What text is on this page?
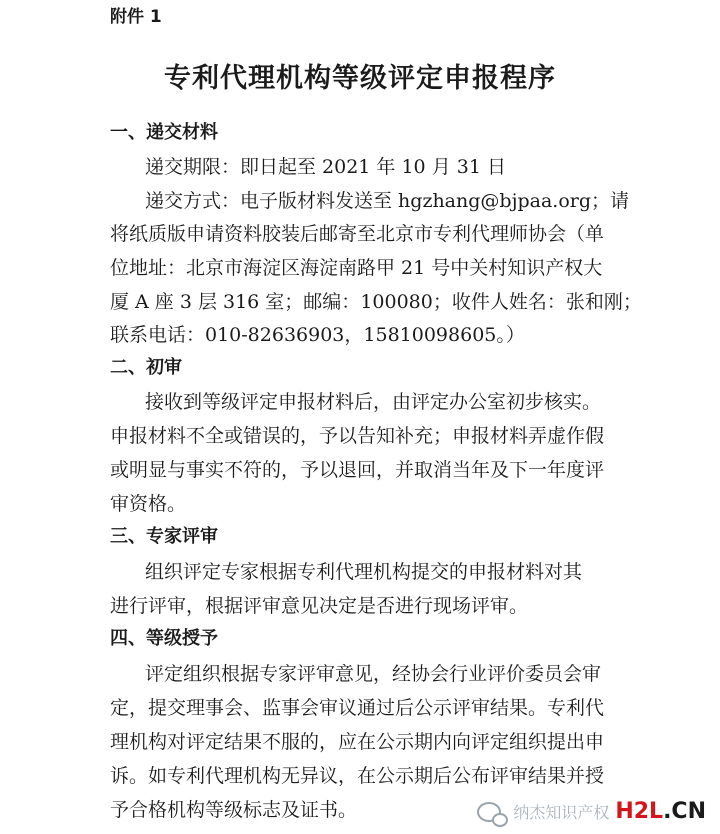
附件 1
专利代理机构等级评定申报程序
一、递交材料
递交期限：即日起至 2021 年 10 月 31 日
递交方式：电子版材料发送至 hgzhang@bjpaa.org；请
将纸质版申请资料胶装后邮寄至北京市专利代理师协会（单
位地址：北京市海淀区海淀南路甲 21 号中关村知识产权大
厦 A 座 3 层 316 室；邮编：100080；收件人姓名：张和刚；
联系电话：010-82636903，15810098605。）
二、初审
接收到等级评定申报材料后，由评定办公室初步核实。
申报材料不全或错误的，予以告知补充；申报材料弄虚作假
或明显与事实不符的，予以退回，并取消当年及下一年度评
审资格。
三、专家评审
组织评定专家根据专利代理机构提交的申报材料对其
进行评审，根据评审意见决定是否进行现场评审。
四、等级授予
评定组织根据专家评审意见，经协会行业评价委员会审
定，提交理事会、监事会审议通过后公示评审结果。专利代
理机构对评定结果不服的，应在公示期内向评定组织提出申
诉。如专利代理机构无异议，在公示期后公布评审结果并授
予合格机构等级标志及证书。	纳杰知识产权 H2L.CN
